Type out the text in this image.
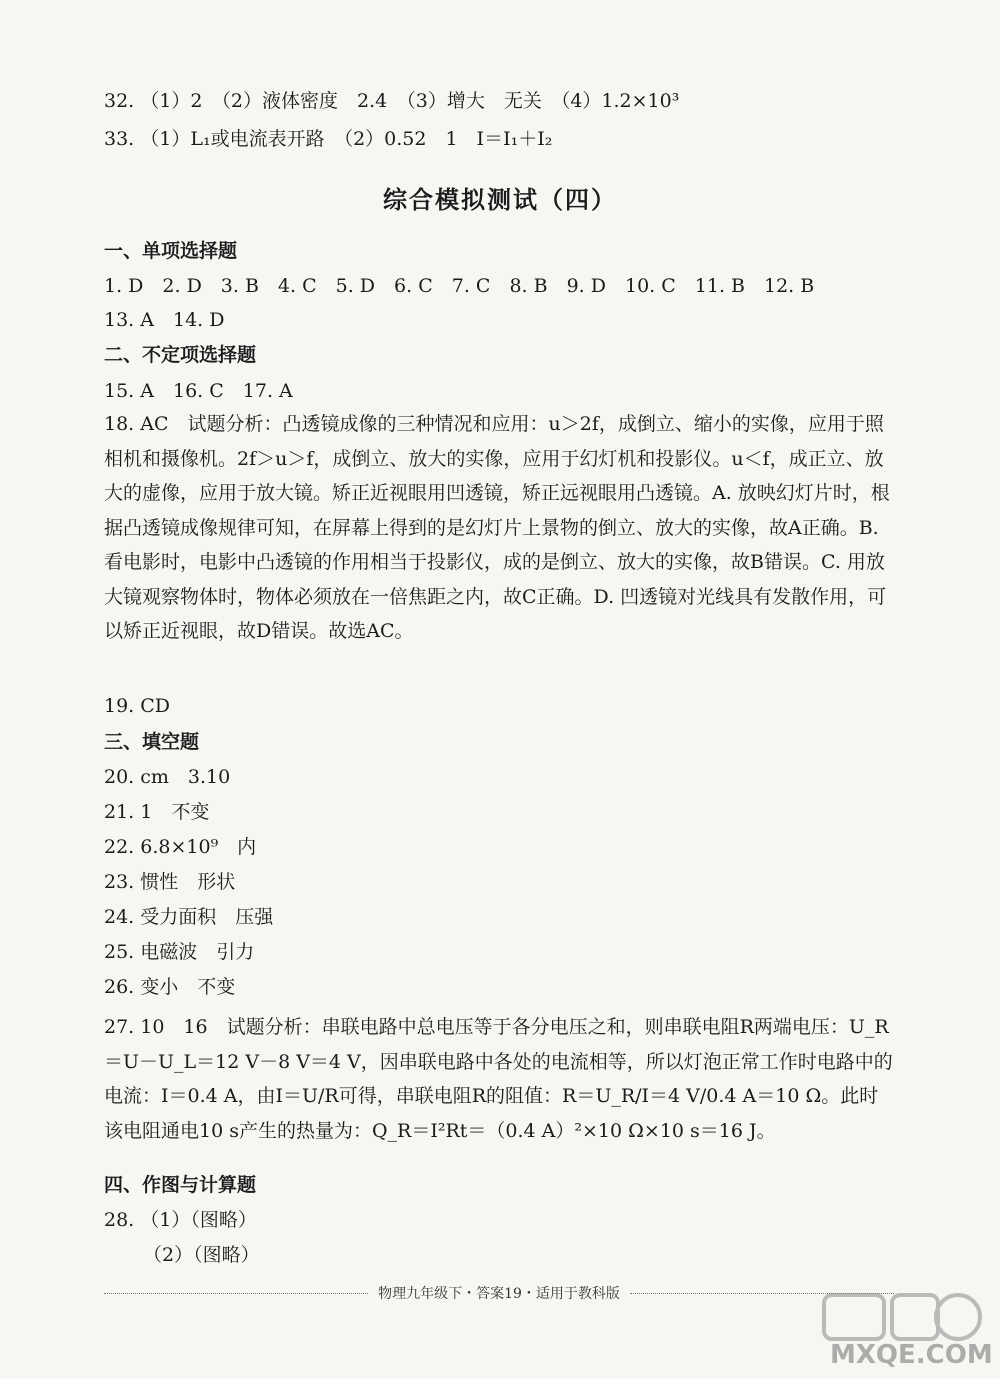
32. （1）2　（2）液体密度　2.4　（3）增大　无关　（4）1.2×10³
33. （1）L₁或电流表开路　（2）0.52　1　I＝I₁＋I₂
综合模拟测试（四）
一、单项选择题
1. D　2. D　3. B　4. C　5. D　6. C　7. C　8. B　9. D　10. C　11. B　12. B
13. A　14. D
二、不定项选择题
15. A　16. C　17. A
18. AC　试题分析：凸透镜成像的三种情况和应用：u＞2f，成倒立、缩小的实像，应用于照相机和摄像机。2f＞u＞f，成倒立、放大的实像，应用于幻灯机和投影仪。u＜f，成正立、放大的虚像，应用于放大镜。矫正近视眼用凹透镜，矫正远视眼用凸透镜。A. 放映幻灯片时，根据凸透镜成像规律可知，在屏幕上得到的是幻灯片上景物的倒立、放大的实像，故A正确。B. 看电影时，电影中凸透镜的作用相当于投影仪，成的是倒立、放大的实像，故B错误。C. 用放大镜观察物体时，物体必须放在一倍焦距之内，故C正确。D. 凹透镜对光线具有发散作用，可以矫正近视眼，故D错误。故选AC。
19. CD
三、填空题
20. cm　3.10
21. 1　不变
22. 6.8×10⁹　内
23. 惯性　形状
24. 受力面积　压强
25. 电磁波　引力
26. 变小　不变
27. 10　16　试题分析：串联电路中总电压等于各分电压之和，则串联电阻R两端电压：U_R＝U－U_L＝12 V－8 V＝4 V，因串联电路中各处的电流相等，所以灯泡正常工作时电路中的电流：I＝0.4 A，由I＝U/R可得，串联电阻R的阻值：R＝U_R/I＝4 V/0.4 A＝10 Ω。此时该电阻通电10 s产生的热量为：Q_R＝I²Rt＝（0.4 A）²×10 Ω×10 s＝16 J。
四、作图与计算题
28. （1）（图略）
（2）（图略）
物理九年级下・答案19・适用于教科版
MXQE.COM
